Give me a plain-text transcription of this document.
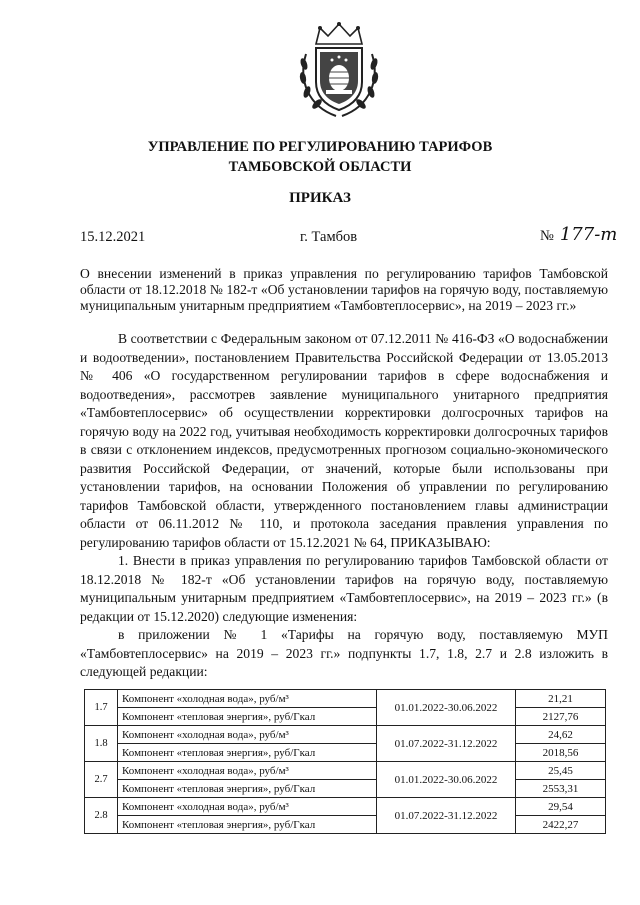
УПРАВЛЕНИЕ ПО РЕГУЛИРОВАНИЮ ТАРИФОВ
ТАМБОВСКОЙ ОБЛАСТИ
ПРИКАЗ
15.12.2021	г. Тамбов	№ 177-т
О внесении изменений в приказ управления по регулированию тарифов Тамбовской области от 18.12.2018 № 182-т «Об установлении тарифов на горячую воду, поставляемую муниципальным унитарным предприятием «Тамбовтеплосервис», на 2019 – 2023 гг.»

В соответствии с Федеральным законом от 07.12.2011 № 416-ФЗ «О водоснабжении и водоотведении», постановлением Правительства Российской Федерации от 13.05.2013 № 406 «О государственном регулировании тарифов в сфере водоснабжения и водоотведения», рассмотрев заявление муниципального унитарного предприятия «Тамбовтеплосервис» об осуществлении корректировки долгосрочных тарифов на горячую воду на 2022 год, учитывая необходимость корректировки долгосрочных тарифов в связи с отклонением индексов, предусмотренных прогнозом социально-экономического развития Российской Федерации, от значений, которые были использованы при установлении тарифов, на основании Положения об управлении по регулированию тарифов Тамбовской области, утвержденного постановлением главы администрации области от 06.11.2012 № 110, и протокола заседания правления управления по регулированию тарифов области от 15.12.2021 № 64, ПРИКАЗЫВАЮ:

1. Внести в приказ управления по регулированию тарифов Тамбовской области от 18.12.2018 № 182-т «Об установлении тарифов на горячую воду, поставляемую муниципальным унитарным предприятием «Тамбовтеплосервис», на 2019 – 2023 гг.» (в редакции от 15.12.2020) следующие изменения:

в приложении № 1 «Тарифы на горячую воду, поставляемую МУП «Тамбовтеплосервис» на 2019 – 2023 гг.» подпункты 1.7, 1.8, 2.7 и 2.8 изложить в следующей редакции:

1.7	Компонент «холодная вода», руб/м³	01.01.2022-30.06.2022	21,21
	Компонент «тепловая энергия», руб/Гкал		2127,76
1.8	Компонент «холодная вода», руб/м³	01.07.2022-31.12.2022	24,62
	Компонент «тепловая энергия», руб/Гкал		2018,56
2.7	Компонент «холодная вода», руб/м³	01.01.2022-30.06.2022	25,45
	Компонент «тепловая энергия», руб/Гкал		2553,31
2.8	Компонент «холодная вода», руб/м³	01.07.2022-31.12.2022	29,54
	Компонент «тепловая энергия», руб/Гкал		2422,27
